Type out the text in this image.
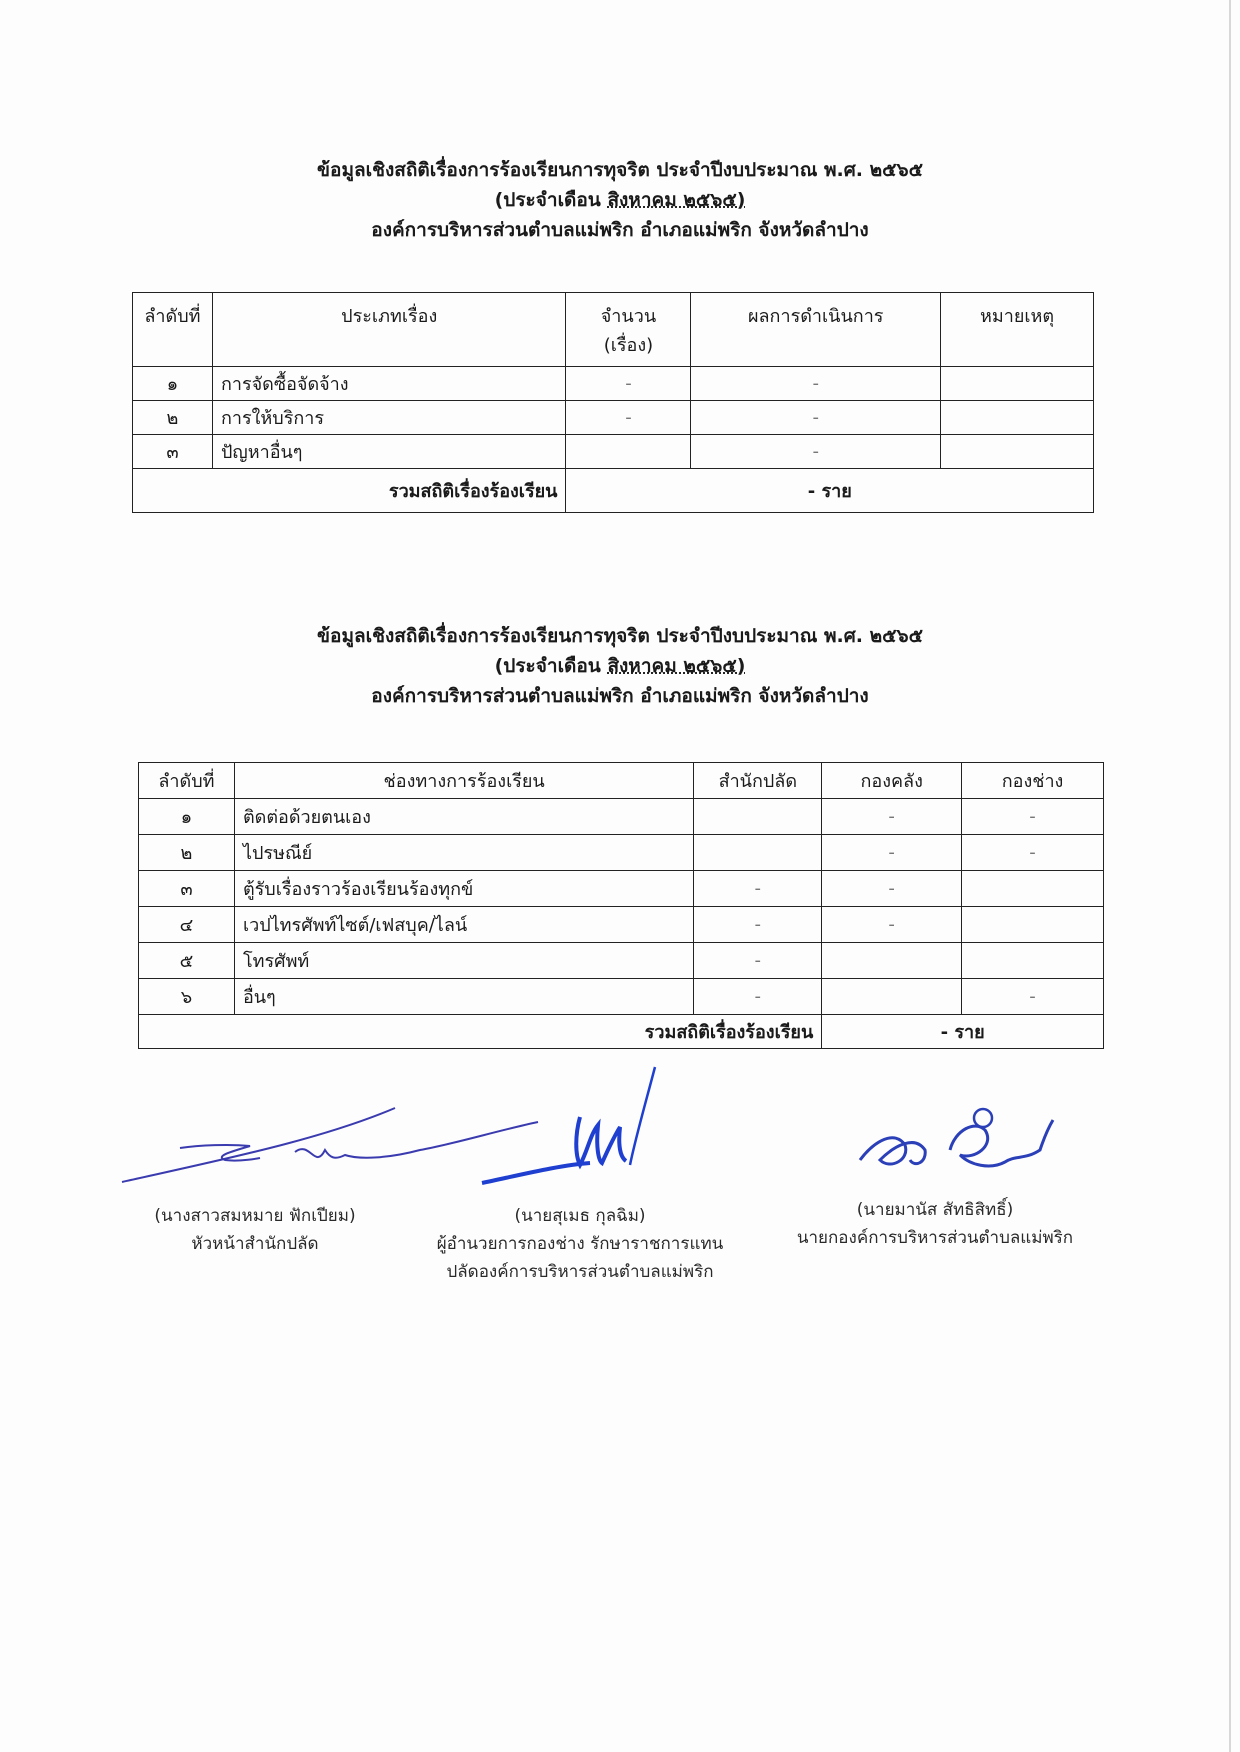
ข้อมูลเชิงสถิติเรื่องการร้องเรียนการทุจริต ประจำปีงบประมาณ พ.ศ. ๒๕๖๕
(ประจำเดือน สิงหาคม ๒๕๖๕)
องค์การบริหารส่วนตำบลแม่พริก อำเภอแม่พริก จังหวัดลำปาง
ลำดับที่	ประเภทเรื่อง	จำนวน (เรื่อง)	ผลการดำเนินการ	หมายเหตุ
๑	การจัดซื้อจัดจ้าง	-	-	
๒	การให้บริการ	-	-	
๓	ปัญหาอื่นๆ		-	
รวมสถิติเรื่องร้องเรียน		- ราย		
ข้อมูลเชิงสถิติเรื่องการร้องเรียนการทุจริต ประจำปีงบประมาณ พ.ศ. ๒๕๖๕
(ประจำเดือน สิงหาคม ๒๕๖๕)
องค์การบริหารส่วนตำบลแม่พริก อำเภอแม่พริก จังหวัดลำปาง
ลำดับที่	ช่องทางการร้องเรียน	สำนักปลัด	กองคลัง	กองช่าง
๑	ติดต่อด้วยตนเอง		-	-
๒	ไปรษณีย์		-	-
๓	ตู้รับเรื่องราวร้องเรียนร้องทุกข์	-	-	
๔	เวปไทรศัพท์ไซต์/เฟสบุค/ไลน์	-	-	
๕	โทรศัพท์	-		
๖	อื่นๆ	-		-
รวมสถิติเรื่องร้องเรียน			- ราย	
(นางสาวสมหมาย ฟักเปียม)
หัวหน้าสำนักปลัด
(นายสุเมธ กุลฉิม)
ผู้อำนวยการกองช่าง รักษาราชการแทน
ปลัดองค์การบริหารส่วนตำบลแม่พริก
(นายมานัส สัทธิสิทธิ์)
นายกองค์การบริหารส่วนตำบลแม่พริก
